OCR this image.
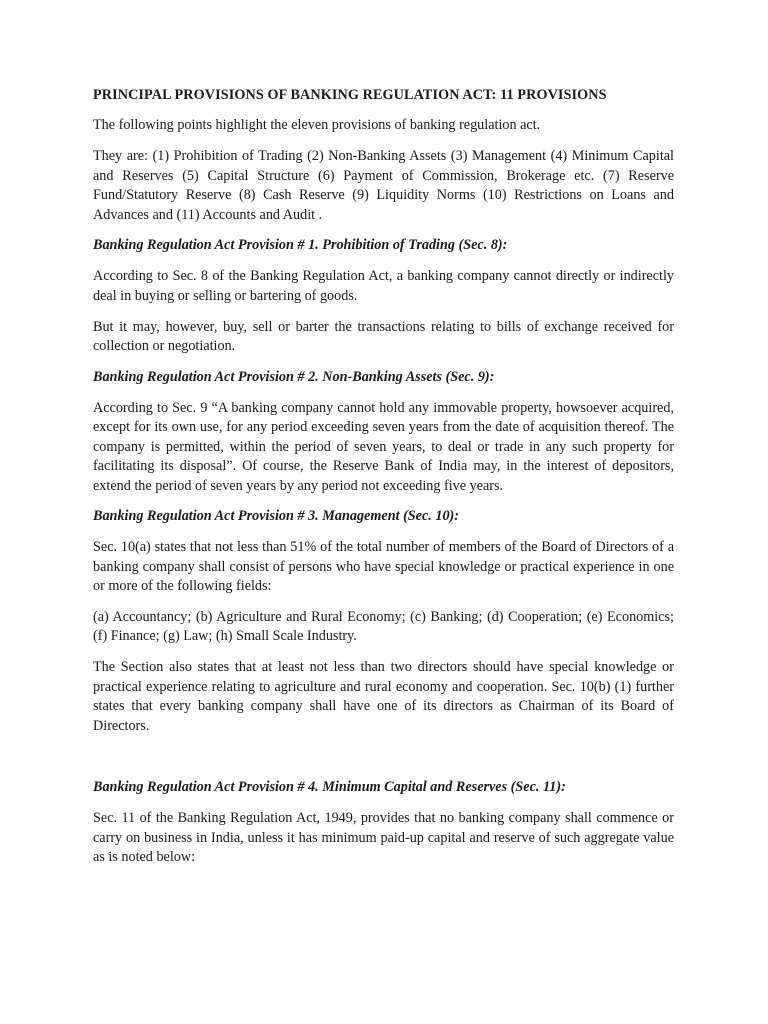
PRINCIPAL PROVISIONS OF BANKING REGULATION ACT: 11 PROVISIONS

The following points highlight the eleven provisions of banking regulation act.

They are: (1) Prohibition of Trading (2) Non-Banking Assets (3) Management (4) Minimum Capital and Reserves (5) Capital Structure (6) Payment of Commission, Brokerage etc. (7) Reserve Fund/Statutory Reserve (8) Cash Reserve (9) Liquidity Norms (10) Restrictions on Loans and Advances and (11) Accounts and Audit .

Banking Regulation Act Provision # 1. Prohibition of Trading (Sec. 8):

According to Sec. 8 of the Banking Regulation Act, a banking company cannot directly or indirectly deal in buying or selling or bartering of goods.

But it may, however, buy, sell or barter the transactions relating to bills of exchange received for collection or negotiation.

Banking Regulation Act Provision # 2. Non-Banking Assets (Sec. 9):

According to Sec. 9 “A banking company cannot hold any immovable property, howsoever acquired, except for its own use, for any period exceeding seven years from the date of acquisition thereof. The company is permitted, within the period of seven years, to deal or trade in any such property for facilitating its disposal”. Of course, the Reserve Bank of India may, in the interest of depositors, extend the period of seven years by any period not exceeding five years.

Banking Regulation Act Provision # 3. Management (Sec. 10):

Sec. 10(a) states that not less than 51% of the total number of members of the Board of Directors of a banking company shall consist of persons who have special knowledge or practical experience in one or more of the following fields:

(a) Accountancy; (b) Agriculture and Rural Economy; (c) Banking; (d) Cooperation; (e) Economics; (f) Finance; (g) Law; (h) Small Scale Industry.

The Section also states that at least not less than two directors should have special knowledge or practical experience relating to agriculture and rural economy and cooperation. Sec. 10(b) (1) further states that every banking company shall have one of its directors as Chairman of its Board of Directors.

Banking Regulation Act Provision # 4. Minimum Capital and Reserves (Sec. 11):

Sec. 11 of the Banking Regulation Act, 1949, provides that no banking company shall commence or carry on business in India, unless it has minimum paid-up capital and reserve of such aggregate value as is noted below:
